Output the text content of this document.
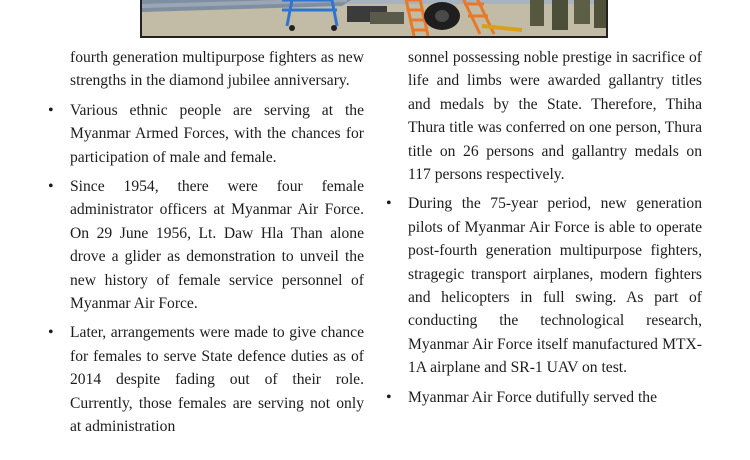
fourth generation multipurpose fighters as new strengths in the diamond jubilee anniversary.

• Various ethnic people are serving at the Myanmar Armed Forces, with the chances for participation of male and female.
• Since 1954, there were four female administrator officers at Myanmar Air Force. On 29 June 1956, Lt. Daw Hla Than alone drove a glider as demonstration to unveil the new history of female service personnel of Myanmar Air Force.
• Later, arrangements were made to give chance for females to serve State defence duties as of 2014 despite fading out of their role. Currently, those females are serving not only at administration

sonnel possessing noble prestige in sacrifice of life and limbs were awarded gallantry titles and medals by the State. Therefore, Thiha Thura title was conferred on one person, Thura title on 26 persons and gallantry medals on 117 persons respectively.

• During the 75-year period, new generation pilots of Myanmar Air Force is able to operate post-fourth generation multipurpose fighters, stragegic transport airplanes, modern fighters and helicopters in full swing. As part of conducting the technological research, Myanmar Air Force itself manufactured MTX-1A airplane and SR-1 UAV on test.
• Myanmar Air Force dutifully served the
